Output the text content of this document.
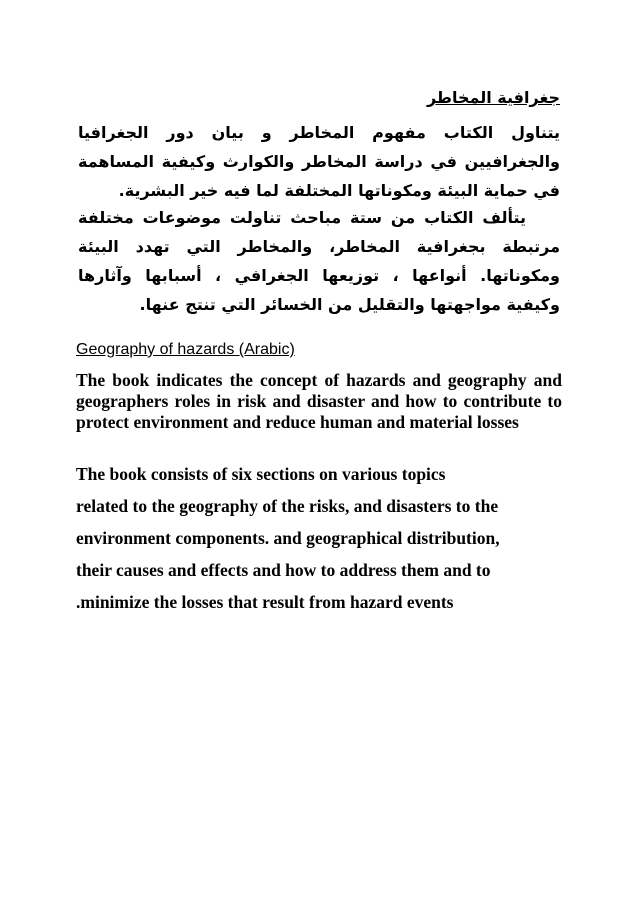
جغرافية المخاطر

يتناول الكتاب مفهوم المخاطر و بيان دور الجغرافيا والجغرافيين في دراسة المخاطر والكوارث وكيفية المساهمة في حماية البيئة ومكوناتها المختلفة لما فيه خير البشرية.

يتألف الكتاب من ستة مباحث تناولت موضوعات مختلفة مرتبطة بجغرافية المخاطر، والمخاطر التي تهدد البيئة ومكوناتها. أنواعها ، توزيعها الجغرافي ، أسبابها وآثارها وكيفية مواجهتها والتقليل من الخسائر التي تنتج عنها.

Geography of hazards (Arabic)

The book indicates the concept of hazards and geography and geographers roles in risk and disaster and how to contribute to protect environment and reduce human and material losses

The book consists of six sections on various topics
related to the geography of the risks, and disasters to the
environment components. and geographical distribution,
their causes and effects and how to address them and to
.minimize the losses that result from hazard events
